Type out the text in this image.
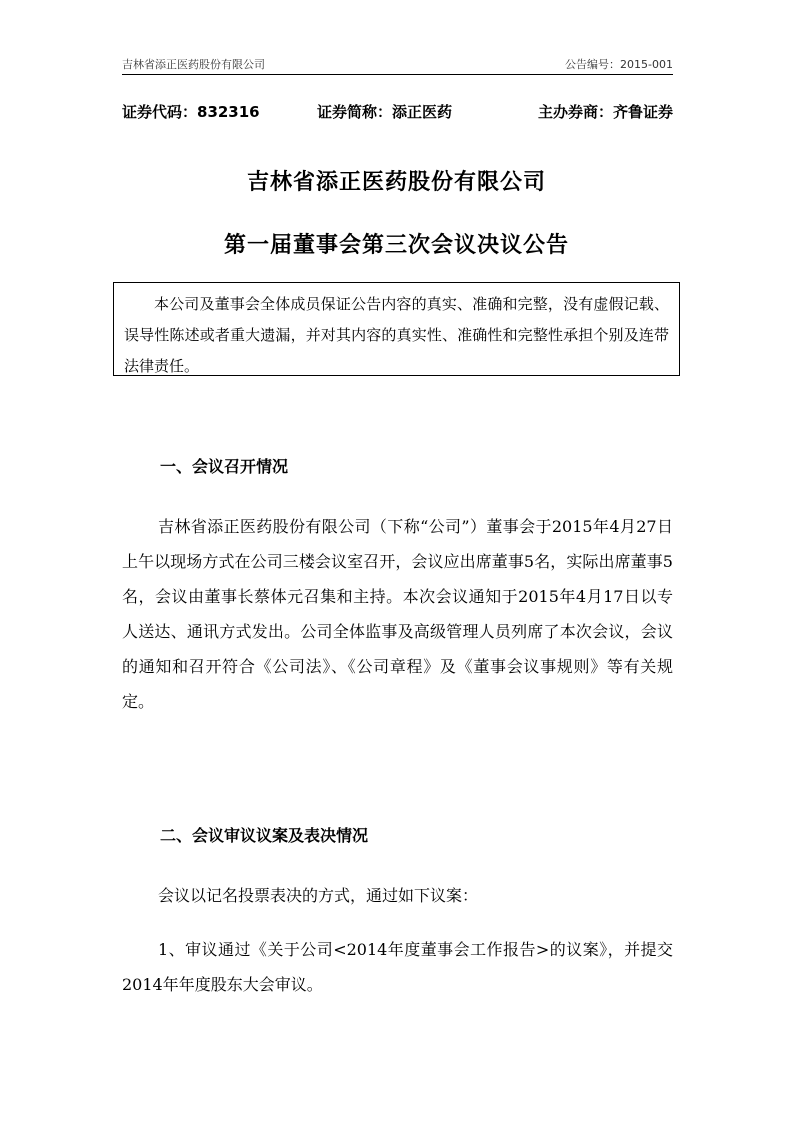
吉林省添正医药股份有限公司	公告编号：2015-001
证券代码：832316	证券简称：添正医药	主办券商：齐鲁证券
吉林省添正医药股份有限公司
第一届董事会第三次会议决议公告
本公司及董事会全体成员保证公告内容的真实、准确和完整，没有虚假记载、误导性陈述或者重大遗漏，并对其内容的真实性、准确性和完整性承担个别及连带法律责任。
一、会议召开情况
吉林省添正医药股份有限公司（下称“公司”）董事会于2015年4月27日上午以现场方式在公司三楼会议室召开，会议应出席董事5名，实际出席董事5名，会议由董事长蔡体元召集和主持。本次会议通知于2015年4月17日以专人送达、通讯方式发出。公司全体监事及高级管理人员列席了本次会议，会议的通知和召开符合《公司法》、《公司章程》及《董事会议事规则》等有关规定。
二、会议审议议案及表决情况
会议以记名投票表决的方式，通过如下议案：
1、审议通过《关于公司<2014年度董事会工作报告>的议案》，并提交2014年年度股东大会审议。
